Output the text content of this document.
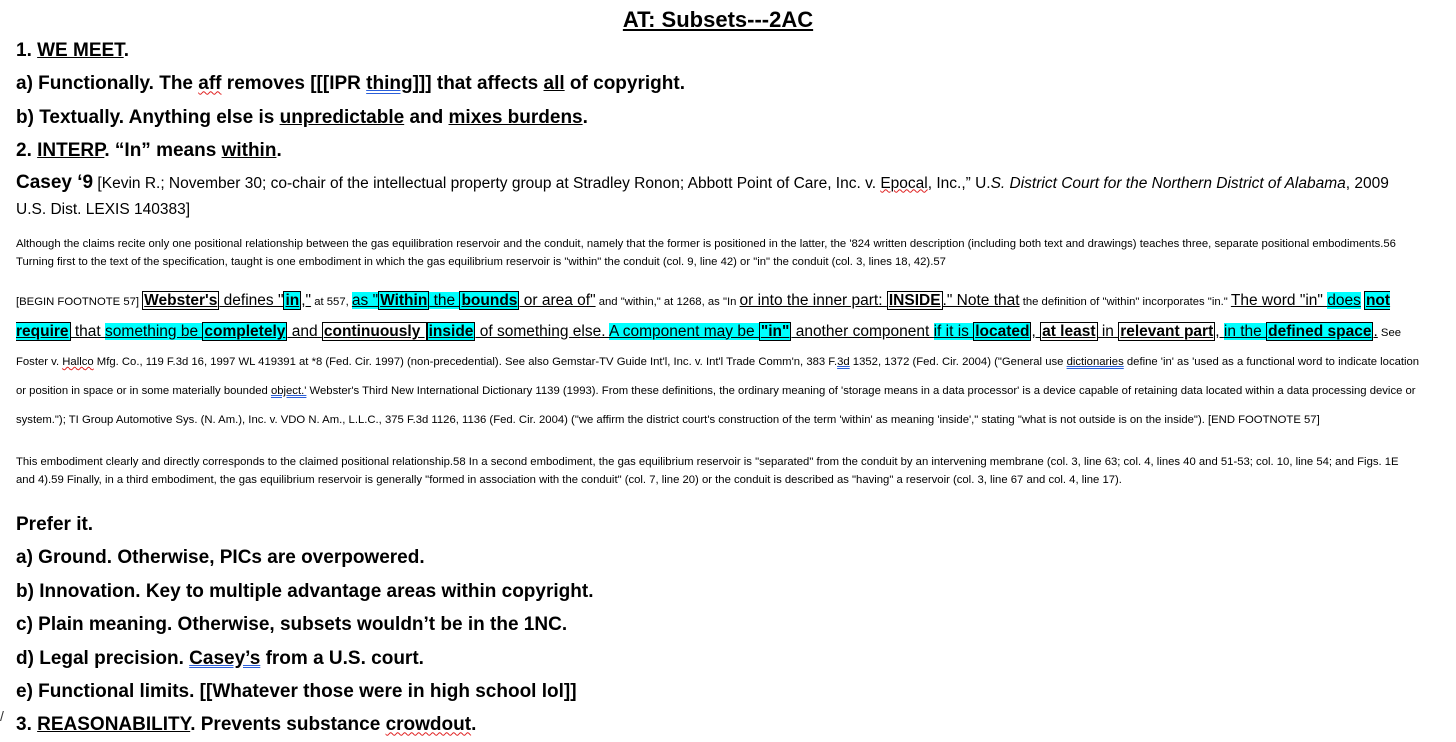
AT: Subsets---2AC
1. WE MEET.
a) Functionally. The aff removes [[[IPR thing]]] that affects all of copyright.
b) Textually. Anything else is unpredictable and mixes burdens.
2. INTERP. “In” means within.
Casey ‘9 [Kevin R.; November 30; co-chair of the intellectual property group at Stradley Ronon; Abbott Point of Care, Inc. v. Epocal, Inc.,” U.S. District Court for the Northern District of Alabama, 2009 U.S. Dist. LEXIS 140383]
Although the claims recite only one positional relationship between the gas equilibration reservoir and the conduit, namely that the former is positioned in the latter, the '824 written description (including both text and drawings) teaches three, separate positional embodiments.56 Turning first to the text of the specification, taught is one embodiment in which the gas equilibrium reservoir is "within" the conduit (col. 9, line 42) or "in" the conduit (col. 3, lines 18, 42).57
[BEGIN FOOTNOTE 57] Webster's defines " in ," at 557, as " Within the bounds or area of" and "within," at 1268, as "In or into the inner part: INSIDE ." Note that the definition of "within" incorporates "in." The word "in" does not require that something be completely and continuously inside of something else. A component may be "in" another component if it is located , at least in relevant part , in the defined space . See Foster v. Hallco Mfg. Co., 119 F.3d 16, 1997 WL 419391 at *8 (Fed. Cir. 1997) (non-precedential). See also Gemstar-TV Guide Int'l, Inc. v. Int'l Trade Comm'n, 383 F.3d 1352, 1372 (Fed. Cir. 2004) ("General use dictionaries define 'in' as 'used as a functional word to indicate location or position in space or in some materially bounded object.' Webster's Third New International Dictionary 1139 (1993). From these definitions, the ordinary meaning of 'storage means in a data processor' is a device capable of retaining data located within a data processing device or system."); TI Group Automotive Sys. (N. Am.), Inc. v. VDO N. Am., L.L.C., 375 F.3d 1126, 1136 (Fed. Cir. 2004) ("we affirm the district court's construction of the term 'within' as meaning 'inside'," stating "what is not outside is on the inside"). [END FOOTNOTE 57]
This embodiment clearly and directly corresponds to the claimed positional relationship.58 In a second embodiment, the gas equilibrium reservoir is "separated" from the conduit by an intervening membrane (col. 3, line 63; col. 4, lines 40 and 51-53; col. 10, line 54; and Figs. 1E and 4).59 Finally, in a third embodiment, the gas equilibrium reservoir is generally "formed in association with the conduit" (col. 7, line 20) or the conduit is described as "having" a reservoir (col. 3, line 67 and col. 4, line 17).
Prefer it.
a) Ground. Otherwise, PICs are overpowered.
b) Innovation. Key to multiple advantage areas within copyright.
c) Plain meaning. Otherwise, subsets wouldn’t be in the 1NC.
d) Legal precision. Casey’s from a U.S. court.
e) Functional limits. [[Whatever those were in high school lol]]
3. REASONABILITY. Prevents substance crowdout.
/
